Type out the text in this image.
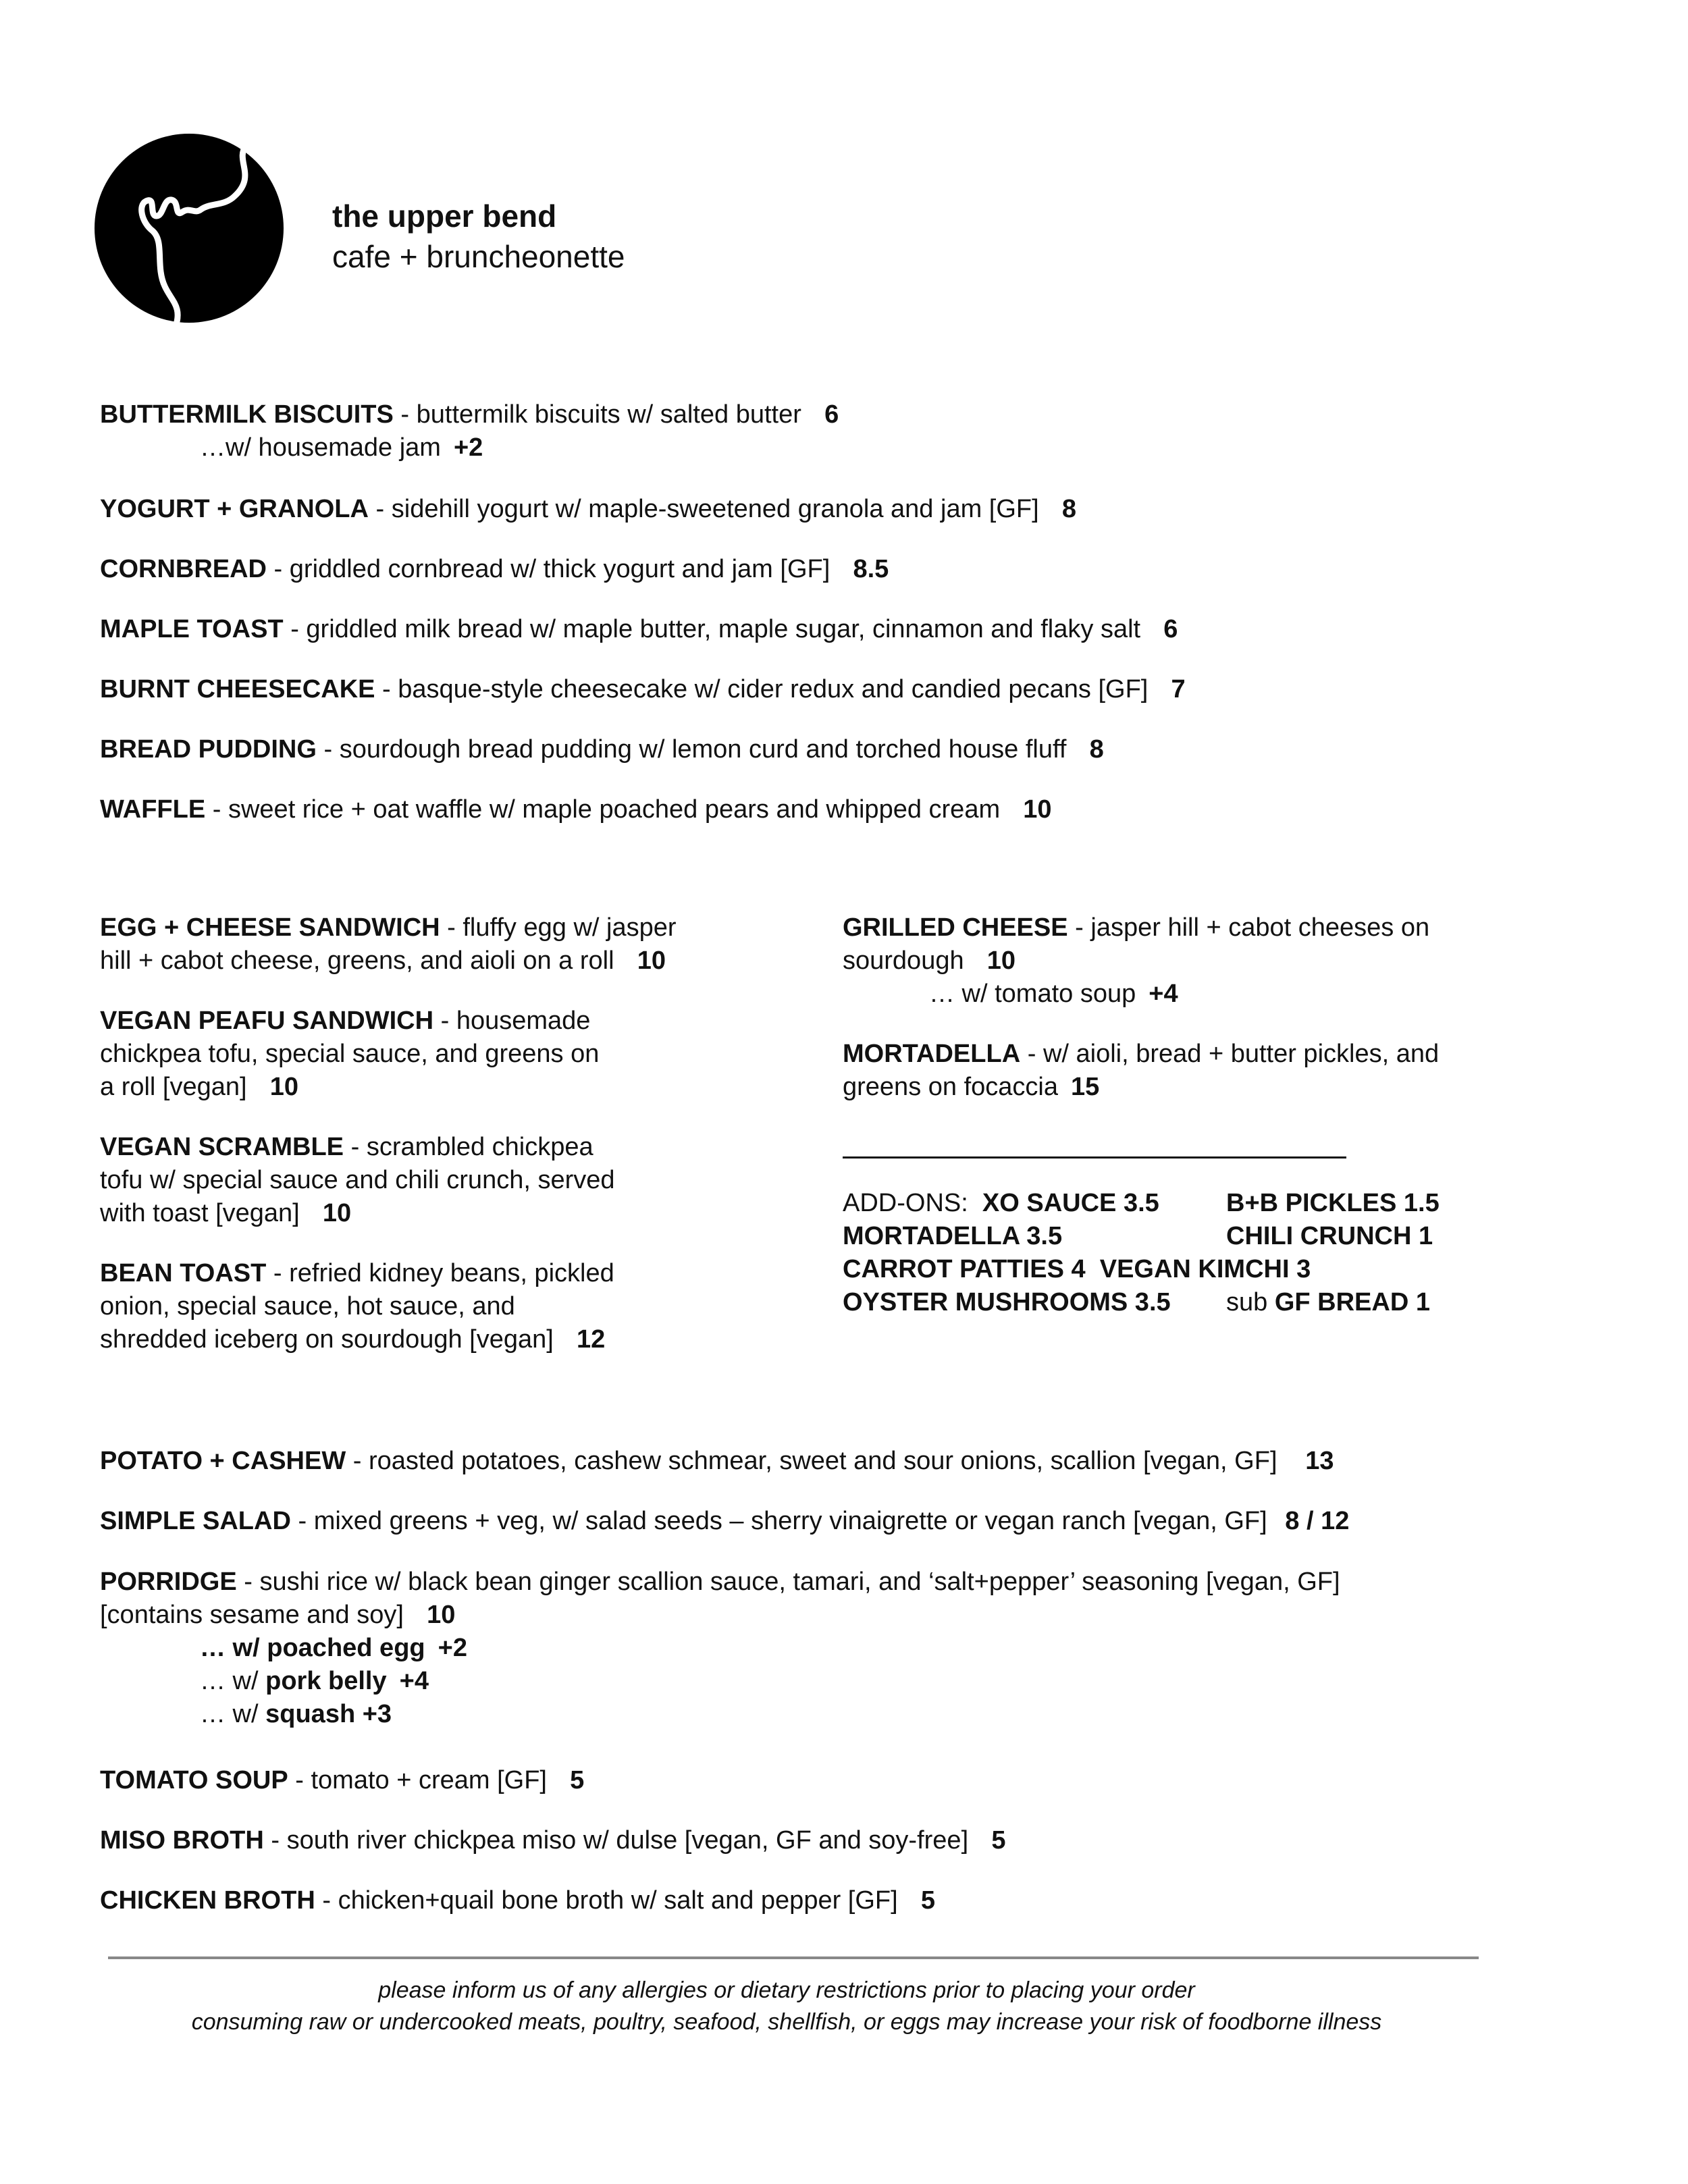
the upper bend
cafe + bruncheonette
BUTTERMILK BISCUITS - buttermilk biscuits w/ salted butter 6
…w/ housemade jam +2
YOGURT + GRANOLA - sidehill yogurt w/ maple-sweetened granola and jam [GF] 8
CORNBREAD - griddled cornbread w/ thick yogurt and jam [GF] 8.5
MAPLE TOAST - griddled milk bread w/ maple butter, maple sugar, cinnamon and flaky salt 6
BURNT CHEESECAKE - basque-style cheesecake w/ cider redux and candied pecans [GF] 7
BREAD PUDDING - sourdough bread pudding w/ lemon curd and torched house fluff 8
WAFFLE - sweet rice + oat waffle w/ maple poached pears and whipped cream 10
EGG + CHEESE SANDWICH - fluffy egg w/ jasper
hill + cabot cheese, greens, and aioli on a roll 10
VEGAN PEAFU SANDWICH - housemade
chickpea tofu, special sauce, and greens on
a roll [vegan] 10
VEGAN SCRAMBLE - scrambled chickpea
tofu w/ special sauce and chili crunch, served
with toast [vegan] 10
BEAN TOAST - refried kidney beans, pickled
onion, special sauce, hot sauce, and
shredded iceberg on sourdough [vegan] 12
GRILLED CHEESE - jasper hill + cabot cheeses on
sourdough 10
… w/ tomato soup +4
MORTADELLA - w/ aioli, bread + butter pickles, and
greens on focaccia 15
ADD-ONS: XO SAUCE 3.5	B+B PICKLES 1.5
MORTADELLA 3.5	CHILI CRUNCH 1
CARROT PATTIES 4 VEGAN KIMCHI 3
OYSTER MUSHROOMS 3.5 sub GF BREAD 1
POTATO + CASHEW - roasted potatoes, cashew schmear, sweet and sour onions, scallion [vegan, GF] 13
SIMPLE SALAD - mixed greens + veg, w/ salad seeds – sherry vinaigrette or vegan ranch [vegan, GF] 8 / 12
PORRIDGE - sushi rice w/ black bean ginger scallion sauce, tamari, and ‘salt+pepper’ seasoning [vegan, GF]
[contains sesame and soy] 10
… w/ poached egg +2
… w/ pork belly +4
… w/ squash +3
TOMATO SOUP - tomato + cream [GF] 5
MISO BROTH - south river chickpea miso w/ dulse [vegan, GF and soy-free] 5
CHICKEN BROTH - chicken+quail bone broth w/ salt and pepper [GF] 5
please inform us of any allergies or dietary restrictions prior to placing your order
consuming raw or undercooked meats, poultry, seafood, shellfish, or eggs may increase your risk of foodborne illness
